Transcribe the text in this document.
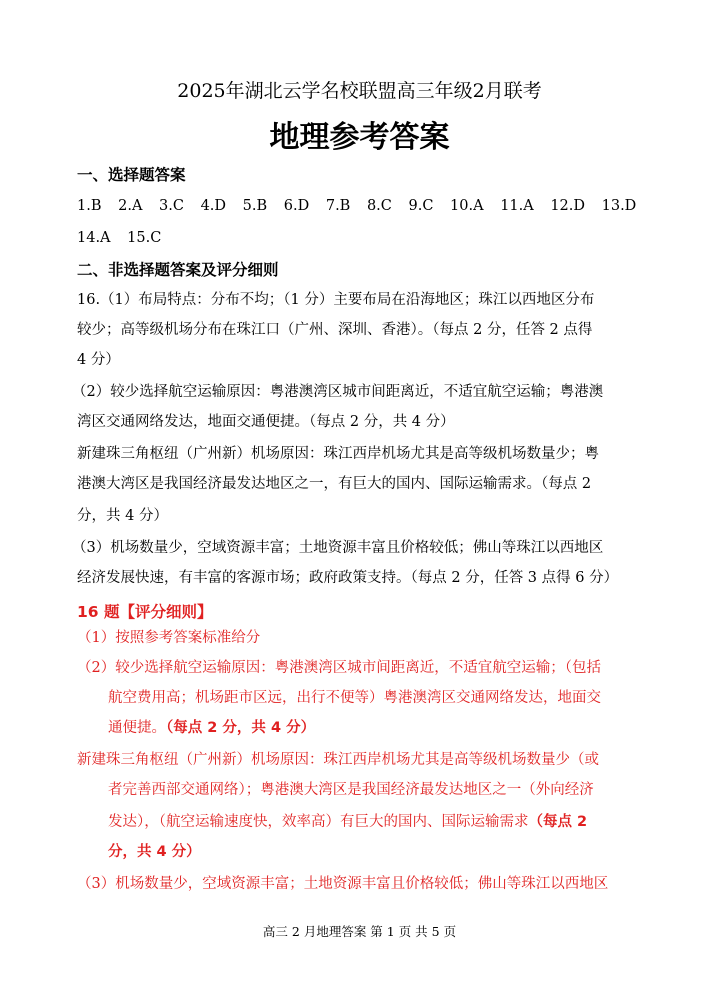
2025年湖北云学名校联盟高三年级2月联考
地理参考答案
一、选择题答案
1.B 2.A 3.C 4.D 5.B 6.D 7.B 8.C 9.C 10.A 11.A 12.D 13.D
14.A 15.C
二、非选择题答案及评分细则
16.（1）布局特点：分布不均；（1 分）主要布局在沿海地区；珠江以西地区分布
较少；高等级机场分布在珠江口（广州、深圳、香港）。（每点 2 分，任答 2 点得
4 分）
（2）较少选择航空运输原因：粤港澳湾区城市间距离近，不适宜航空运输；粤港澳
湾区交通网络发达，地面交通便捷。（每点 2 分，共 4 分）
新建珠三角枢纽（广州新）机场原因：珠江西岸机场尤其是高等级机场数量少；粤
港澳大湾区是我国经济最发达地区之一，有巨大的国内、国际运输需求。（每点 2
分，共 4 分）
（3）机场数量少，空域资源丰富；土地资源丰富且价格较低；佛山等珠江以西地区
经济发展快速，有丰富的客源市场；政府政策支持。（每点 2 分，任答 3 点得 6 分）
16 题【评分细则】
（1）按照参考答案标准给分
（2）较少选择航空运输原因：粤港澳湾区城市间距离近，不适宜航空运输；（包括
航空费用高；机场距市区远，出行不便等）粤港澳湾区交通网络发达，地面交
通便捷。（每点 2 分，共 4 分）
新建珠三角枢纽（广州新）机场原因：珠江西岸机场尤其是高等级机场数量少（或
者完善西部交通网络）；粤港澳大湾区是我国经济最发达地区之一（外向经济
发达），（航空运输速度快，效率高）有巨大的国内、国际运输需求（每点 2
分，共 4 分）
（3）机场数量少，空域资源丰富；土地资源丰富且价格较低；佛山等珠江以西地区
高三 2 月地理答案 第 1 页 共 5 页
